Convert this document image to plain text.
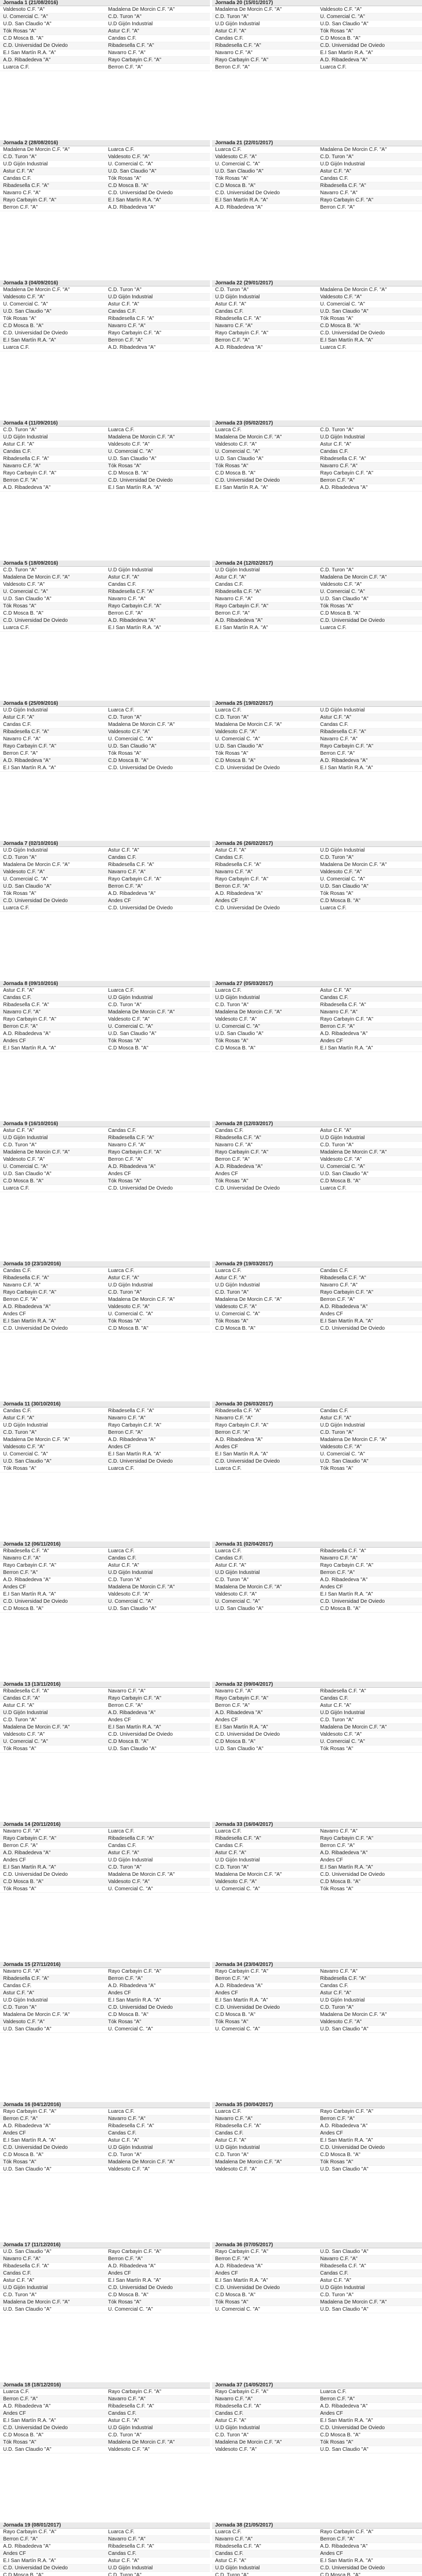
Jornada 1 (21/08/2016)
Valdesoto C.F. "A"	Madalena De Morcin C.F. "A"
U. Comercial C. "A"	C.D. Turon "A"
U.D. San Claudio "A"	U.D Gijón Industrial
Tók Rosas "A"	Astur C.F. "A"
C.D Mosca B. "A"	Candas C.F.
C.D. Universidad De Oviedo	Ribadesella C.F. "A"
E.I San Martín R.A. "A"	Navarro C.F. "A"
A.D. Ribadedeva "A"	Rayo Carbayin C.F. "A"
Luarca C.F.	Berron C.F. "A"
Jornada 20 (15/01/2017)
Madalena De Morcin C.F. "A"	Valdesoto C.F. "A"
C.D. Turon "A"	U. Comercial C. "A"
U.D Gijón Industrial	U.D. San Claudio "A"
Astur C.F. "A"	Tók Rosas "A"
Candas C.F.	C.D Mosca B. "A"
Ribadesella C.F. "A"	C.D. Universidad De Oviedo
Navarro C.F. "A"	E.I San Martín R.A. "A"
Rayo Carbayin C.F. "A"	A.D. Ribadedeva "A"
Berron C.F. "A"	Luarca C.F.
Jornada 2 (28/08/2016)
Madalena De Morcin C.F. "A"	Luarca C.F.
C.D. Turon "A"	Valdesoto C.F. "A"
U.D Gijón Industrial	U. Comercial C. "A"
Astur C.F. "A"	U.D. San Claudio "A"
Candas C.F.	Tók Rosas "A"
Ribadesella C.F. "A"	C.D Mosca B. "A"
Navarro C.F. "A"	C.D. Universidad De Oviedo
Rayo Carbayin C.F. "A"	E.I San Martín R.A. "A"
Berron C.F. "A"	A.D. Ribadedeva "A"
Jornada 21 (22/01/2017)
Luarca C.F.	Madalena De Morcin C.F. "A"
Valdesoto C.F. "A"	C.D. Turon "A"
U. Comercial C. "A"	U.D Gijón Industrial
U.D. San Claudio "A"	Astur C.F. "A"
Tók Rosas "A"	Candas C.F.
C.D Mosca B. "A"	Ribadesella C.F. "A"
C.D. Universidad De Oviedo	Navarro C.F. "A"
E.I San Martín R.A. "A"	Rayo Carbayin C.F. "A"
A.D. Ribadedeva "A"	Berron C.F. "A"
Jornada 3 (04/09/2016)
Madalena De Morcin C.F. "A"	C.D. Turon "A"
Valdesoto C.F. "A"	U.D Gijón Industrial
U. Comercial C. "A"	Astur C.F. "A"
U.D. San Claudio "A"	Candas C.F.
Tók Rosas "A"	Ribadesella C.F. "A"
C.D Mosca B. "A"	Navarro C.F. "A"
C.D. Universidad De Oviedo	Rayo Carbayin C.F. "A"
E.I San Martín R.A. "A"	Berron C.F. "A"
Luarca C.F.	A.D. Ribadedeva "A"
Jornada 22 (29/01/2017)
C.D. Turon "A"	Madalena De Morcin C.F. "A"
U.D Gijón Industrial	Valdesoto C.F. "A"
Astur C.F. "A"	U. Comercial C. "A"
Candas C.F.	U.D. San Claudio "A"
Ribadesella C.F. "A"	Tók Rosas "A"
Navarro C.F. "A"	C.D Mosca B. "A"
Rayo Carbayin C.F. "A"	C.D. Universidad De Oviedo
Berron C.F. "A"	E.I San Martín R.A. "A"
A.D. Ribadedeva "A"	Luarca C.F.
Jornada 4 (11/09/2016)
C.D. Turon "A"	Luarca C.F.
U.D Gijón Industrial	Madalena De Morcin C.F. "A"
Astur C.F. "A"	Valdesoto C.F. "A"
Candas C.F.	U. Comercial C. "A"
Ribadesella C.F. "A"	U.D. San Claudio "A"
Navarro C.F. "A"	Tók Rosas "A"
Rayo Carbayin C.F. "A"	C.D Mosca B. "A"
Berron C.F. "A"	C.D. Universidad De Oviedo
A.D. Ribadedeva "A"	E.I San Martín R.A. "A"
Jornada 23 (05/02/2017)
Luarca C.F.	C.D. Turon "A"
Madalena De Morcin C.F. "A"	U.D Gijón Industrial
Valdesoto C.F. "A"	Astur C.F. "A"
U. Comercial C. "A"	Candas C.F.
U.D. San Claudio "A"	Ribadesella C.F. "A"
Tók Rosas "A"	Navarro C.F. "A"
C.D Mosca B. "A"	Rayo Carbayin C.F. "A"
C.D. Universidad De Oviedo	Berron C.F. "A"
E.I San Martín R.A. "A"	A.D. Ribadedeva "A"
Jornada 5 (18/09/2016)
C.D. Turon "A"	U.D Gijón Industrial
Madalena De Morcin C.F. "A"	Astur C.F. "A"
Valdesoto C.F. "A"	Candas C.F.
U. Comercial C. "A"	Ribadesella C.F. "A"
U.D. San Claudio "A"	Navarro C.F. "A"
Tók Rosas "A"	Rayo Carbayin C.F. "A"
C.D Mosca B. "A"	Berron C.F. "A"
C.D. Universidad De Oviedo	A.D. Ribadedeva "A"
Luarca C.F.	E.I San Martín R.A. "A"
Jornada 24 (12/02/2017)
U.D Gijón Industrial	C.D. Turon "A"
Astur C.F. "A"	Madalena De Morcin C.F. "A"
Candas C.F.	Valdesoto C.F. "A"
Ribadesella C.F. "A"	U. Comercial C. "A"
Navarro C.F. "A"	U.D. San Claudio "A"
Rayo Carbayin C.F. "A"	Tók Rosas "A"
Berron C.F. "A"	C.D Mosca B. "A"
A.D. Ribadedeva "A"	C.D. Universidad De Oviedo
E.I San Martín R.A. "A"	Luarca C.F.
Jornada 6 (25/09/2016)
U.D Gijón Industrial	Luarca C.F.
Astur C.F. "A"	C.D. Turon "A"
Candas C.F.	Madalena De Morcin C.F. "A"
Ribadesella C.F. "A"	Valdesoto C.F. "A"
Navarro C.F. "A"	U. Comercial C. "A"
Rayo Carbayin C.F. "A"	U.D. San Claudio "A"
Berron C.F. "A"	Tók Rosas "A"
A.D. Ribadedeva "A"	C.D Mosca B. "A"
E.I San Martín R.A. "A"	C.D. Universidad De Oviedo
Jornada 25 (19/02/2017)
Luarca C.F.	U.D Gijón Industrial
C.D. Turon "A"	Astur C.F. "A"
Madalena De Morcin C.F. "A"	Candas C.F.
Valdesoto C.F. "A"	Ribadesella C.F. "A"
U. Comercial C. "A"	Navarro C.F. "A"
U.D. San Claudio "A"	Rayo Carbayin C.F. "A"
Tók Rosas "A"	Berron C.F. "A"
C.D Mosca B. "A"	A.D. Ribadedeva "A"
C.D. Universidad De Oviedo	E.I San Martín R.A. "A"
Jornada 7 (02/10/2016)
U.D Gijón Industrial	Astur C.F. "A"
C.D. Turon "A"	Candas C.F.
Madalena De Morcin C.F. "A"	Ribadesella C.F. "A"
Valdesoto C.F. "A"	Navarro C.F. "A"
U. Comercial C. "A"	Rayo Carbayin C.F. "A"
U.D. San Claudio "A"	Berron C.F. "A"
Tók Rosas "A"	A.D. Ribadedeva "A"
C.D. Universidad De Oviedo	Andes CF
Luarca C.F.	C.D. Universidad De Oviedo
Jornada 26 (26/02/2017)
Astur C.F. "A"	U.D Gijón Industrial
Candas C.F.	C.D. Turon "A"
Ribadesella C.F. "A"	Madalena De Morcin C.F. "A"
Navarro C.F. "A"	Valdesoto C.F. "A"
Rayo Carbayin C.F. "A"	U. Comercial C. "A"
Berron C.F. "A"	U.D. San Claudio "A"
A.D. Ribadedeva "A"	Tók Rosas "A"
Andes CF	C.D Mosca B. "A"
C.D. Universidad De Oviedo	Luarca C.F.
Jornada 8 (09/10/2016)
Astur C.F. "A"	Luarca C.F.
Candas C.F.	U.D Gijón Industrial
Ribadesella C.F. "A"	C.D. Turon "A"
Navarro C.F. "A"	Madalena De Morcin C.F. "A"
Rayo Carbayin C.F. "A"	Valdesoto C.F. "A"
Berron C.F. "A"	U. Comercial C. "A"
A.D. Ribadedeva "A"	U.D. San Claudio "A"
Andes CF	Tók Rosas "A"
E.I San Martín R.A. "A"	C.D Mosca B. "A"
Jornada 27 (05/03/2017)
Luarca C.F.	Astur C.F. "A"
U.D Gijón Industrial	Candas C.F.
C.D. Turon "A"	Ribadesella C.F. "A"
Madalena De Morcin C.F. "A"	Navarro C.F. "A"
Valdesoto C.F. "A"	Rayo Carbayin C.F. "A"
U. Comercial C. "A"	Berron C.F. "A"
U.D. San Claudio "A"	A.D. Ribadedeva "A"
Tók Rosas "A"	Andes CF
C.D Mosca B. "A"	E.I San Martín R.A. "A"
Jornada 9 (16/10/2016)
Astur C.F. "A"	Candas C.F.
U.D Gijón Industrial	Ribadesella C.F. "A"
C.D. Turon "A"	Navarro C.F. "A"
Madalena De Morcin C.F. "A"	Rayo Carbayin C.F. "A"
Valdesoto C.F. "A"	Berron C.F. "A"
U. Comercial C. "A"	A.D. Ribadedeva "A"
U.D. San Claudio "A"	Andes CF
C.D Mosca B. "A"	Tók Rosas "A"
Luarca C.F.	C.D. Universidad De Oviedo
Jornada 28 (12/03/2017)
Candas C.F.	Astur C.F. "A"
Ribadesella C.F. "A"	U.D Gijón Industrial
Navarro C.F. "A"	C.D. Turon "A"
Rayo Carbayin C.F. "A"	Madalena De Morcin C.F. "A"
Berron C.F. "A"	Valdesoto C.F. "A"
A.D. Ribadedeva "A"	U. Comercial C. "A"
Andes CF	U.D. San Claudio "A"
Tók Rosas "A"	C.D Mosca B. "A"
C.D. Universidad De Oviedo	Luarca C.F.
Jornada 10 (23/10/2016)
Candas C.F.	Luarca C.F.
Ribadesella C.F. "A"	Astur C.F. "A"
Navarro C.F. "A"	U.D Gijón Industrial
Rayo Carbayin C.F. "A"	C.D. Turon "A"
Berron C.F. "A"	Madalena De Morcin C.F. "A"
A.D. Ribadedeva "A"	Valdesoto C.F. "A"
Andes CF	U. Comercial C. "A"
E.I San Martín R.A. "A"	Tók Rosas "A"
C.D. Universidad De Oviedo	C.D Mosca B. "A"
Jornada 29 (19/03/2017)
Luarca C.F.	Candas C.F.
Astur C.F. "A"	Ribadesella C.F. "A"
U.D Gijón Industrial	Navarro C.F. "A"
C.D. Turon "A"	Rayo Carbayin C.F. "A"
Madalena De Morcin C.F. "A"	Berron C.F. "A"
Valdesoto C.F. "A"	A.D. Ribadedeva "A"
U. Comercial C. "A"	Andes CF
Tók Rosas "A"	E.I San Martín R.A. "A"
C.D Mosca B. "A"	C.D. Universidad De Oviedo
Jornada 11 (30/10/2016)
Candas C.F.	Ribadesella C.F. "A"
Astur C.F. "A"	Navarro C.F. "A"
U.D Gijón Industrial	Rayo Carbayin C.F. "A"
C.D. Turon "A"	Berron C.F. "A"
Madalena De Morcin C.F. "A"	A.D. Ribadedeva "A"
Valdesoto C.F. "A"	Andes CF
U. Comercial C. "A"	E.I San Martín R.A. "A"
U.D. San Claudio "A"	C.D. Universidad De Oviedo
Tók Rosas "A"	Luarca C.F.
Jornada 30 (26/03/2017)
Ribadesella C.F. "A"	Candas C.F.
Navarro C.F. "A"	Astur C.F. "A"
Rayo Carbayin C.F. "A"	U.D Gijón Industrial
Berron C.F. "A"	C.D. Turon "A"
A.D. Ribadedeva "A"	Madalena De Morcin C.F. "A"
Andes CF	Valdesoto C.F. "A"
E.I San Martín R.A. "A"	U. Comercial C. "A"
C.D. Universidad De Oviedo	U.D. San Claudio "A"
Luarca C.F.	Tók Rosas "A"
Jornada 12 (06/11/2016)
Ribadesella C.F. "A"	Luarca C.F.
Navarro C.F. "A"	Candas C.F.
Rayo Carbayin C.F. "A"	Astur C.F. "A"
Berron C.F. "A"	U.D Gijón Industrial
A.D. Ribadedeva "A"	C.D. Turon "A"
Andes CF	Madalena De Morcin C.F. "A"
E.I San Martín R.A. "A"	Valdesoto C.F. "A"
C.D. Universidad De Oviedo	U. Comercial C. "A"
C.D Mosca B. "A"	U.D. San Claudio "A"
Jornada 31 (02/04/2017)
Luarca C.F.	Ribadesella C.F. "A"
Candas C.F.	Navarro C.F. "A"
Astur C.F. "A"	Rayo Carbayin C.F. "A"
U.D Gijón Industrial	Berron C.F. "A"
C.D. Turon "A"	A.D. Ribadedeva "A"
Madalena De Morcin C.F. "A"	Andes CF
Valdesoto C.F. "A"	E.I San Martín R.A. "A"
U. Comercial C. "A"	C.D. Universidad De Oviedo
U.D. San Claudio "A"	C.D Mosca B. "A"
Jornada 13 (13/11/2016)
Ribadesella C.F. "A"	Navarro C.F. "A"
Candas C.F. "A"	Rayo Carbayin C.F. "A"
Astur C.F. "A"	Berron C.F. "A"
U.D Gijón Industrial	A.D. Ribadedeva "A"
C.D. Turon "A"	Andes CF
Madalena De Morcin C.F. "A"	E.I San Martín R.A. "A"
Valdesoto C.F. "A"	C.D. Universidad De Oviedo
U. Comercial C. "A"	C.D Mosca B. "A"
Tók Rosas "A"	U.D. San Claudio "A"
Jornada 32 (09/04/2017)
Navarro C.F. "A"	Ribadesella C.F. "A"
Rayo Carbayin C.F. "A"	Candas C.F.
Berron C.F. "A"	Astur C.F. "A"
A.D. Ribadedeva "A"	U.D Gijón Industrial
Andes CF	C.D. Turon "A"
E.I San Martín R.A. "A"	Madalena De Morcin C.F. "A"
C.D. Universidad De Oviedo	Valdesoto C.F. "A"
C.D Mosca B. "A"	U. Comercial C. "A"
U.D. San Claudio "A"	Tók Rosas "A"
Jornada 14 (20/11/2016)
Navarro C.F. "A"	Luarca C.F.
Rayo Carbayin C.F. "A"	Ribadesella C.F. "A"
Berron C.F. "A"	Candas C.F.
A.D. Ribadedeva "A"	Astur C.F. "A"
Andes CF	U.D Gijón Industrial
E.I San Martín R.A. "A"	C.D. Turon "A"
C.D. Universidad De Oviedo	Madalena De Morcin C.F. "A"
C.D Mosca B. "A"	Valdesoto C.F. "A"
Tók Rosas "A"	U. Comercial C. "A"
Jornada 33 (16/04/2017)
Luarca C.F.	Navarro C.F. "A"
Ribadesella C.F. "A"	Rayo Carbayin C.F. "A"
Candas C.F.	Berron C.F. "A"
Astur C.F. "A"	A.D. Ribadedeva "A"
U.D Gijón Industrial	Andes CF
C.D. Turon "A"	E.I San Martín R.A. "A"
Madalena De Morcin C.F. "A"	C.D. Universidad De Oviedo
Valdesoto C.F. "A"	C.D Mosca B. "A"
U. Comercial C. "A"	Tók Rosas "A"
Jornada 15 (27/11/2016)
Navarro C.F. "A"	Rayo Carbayin C.F. "A"
Ribadesella C.F. "A"	Berron C.F. "A"
Candas C.F.	A.D. Ribadedeva "A"
Astur C.F. "A"	Andes CF
U.D Gijón Industrial	E.I San Martín R.A. "A"
C.D. Turon "A"	C.D. Universidad De Oviedo
Madalena De Morcin C.F. "A"	C.D Mosca B. "A"
Valdesoto C.F. "A"	Tók Rosas "A"
U.D. San Claudio "A"	U. Comercial C. "A"
Jornada 34 (23/04/2017)
Rayo Carbayin C.F. "A"	Navarro C.F. "A"
Berron C.F. "A"	Ribadesella C.F. "A"
A.D. Ribadedeva "A"	Candas C.F.
Andes CF	Astur C.F. "A"
E.I San Martín R.A. "A"	U.D Gijón Industrial
C.D. Universidad De Oviedo	C.D. Turon "A"
C.D Mosca B. "A"	Madalena De Morcin C.F. "A"
Tók Rosas "A"	Valdesoto C.F. "A"
U. Comercial C. "A"	U.D. San Claudio "A"
Jornada 16 (04/12/2016)
Rayo Carbayin C.F. "A"	Luarca C.F.
Berron C.F. "A"	Navarro C.F. "A"
A.D. Ribadedeva "A"	Ribadesella C.F. "A"
Andes CF	Candas C.F.
E.I San Martín R.A. "A"	Astur C.F. "A"
C.D. Universidad De Oviedo	U.D Gijón Industrial
C.D Mosca B. "A"	C.D. Turon "A"
Tók Rosas "A"	Madalena De Morcin C.F. "A"
U.D. San Claudio "A"	Valdesoto C.F. "A"
Jornada 35 (30/04/2017)
Luarca C.F.	Rayo Carbayin C.F. "A"
Navarro C.F. "A"	Berron C.F. "A"
Ribadesella C.F. "A"	A.D. Ribadedeva "A"
Candas C.F.	Andes CF
Astur C.F. "A"	E.I San Martín R.A. "A"
U.D Gijón Industrial	C.D. Universidad De Oviedo
C.D. Turon "A"	C.D Mosca B. "A"
Madalena De Morcin C.F. "A"	Tók Rosas "A"
Valdesoto C.F. "A"	U.D. San Claudio "A"
Jornada 17 (11/12/2016)
U.D. San Claudio "A"	Rayo Carbayin C.F. "A"
Navarro C.F. "A"	Berron C.F. "A"
Ribadesella C.F. "A"	A.D. Ribadedeva "A"
Candas C.F.	Andes CF
Astur C.F. "A"	E.I San Martín R.A. "A"
U.D Gijón Industrial	C.D. Universidad De Oviedo
C.D. Turon "A"	C.D Mosca B. "A"
Madalena De Morcin C.F. "A"	Tók Rosas "A"
U.D. San Claudio "A"	U. Comercial C. "A"
Jornada 36 (07/05/2017)
Rayo Carbayin C.F. "A"	U.D. San Claudio "A"
Berron C.F. "A"	Navarro C.F. "A"
A.D. Ribadedeva "A"	Ribadesella C.F. "A"
Andes CF	Candas C.F.
E.I San Martín R.A. "A"	Astur C.F. "A"
C.D. Universidad De Oviedo	U.D Gijón Industrial
C.D Mosca B. "A"	C.D. Turon "A"
Tók Rosas "A"	Madalena De Morcin C.F. "A"
U. Comercial C. "A"	U.D. San Claudio "A"
Jornada 18 (18/12/2016)
Luarca C.F.	Rayo Carbayin C.F. "A"
Berron C.F. "A"	Navarro C.F. "A"
A.D. Ribadedeva "A"	Ribadesella C.F. "A"
Andes CF	Candas C.F.
E.I San Martín R.A. "A"	Astur C.F. "A"
C.D. Universidad De Oviedo	U.D Gijón Industrial
C.D Mosca B. "A"	C.D. Turon "A"
Tók Rosas "A"	Madalena De Morcin C.F. "A"
U.D. San Claudio "A"	Valdesoto C.F. "A"
Jornada 37 (14/05/2017)
Rayo Carbayin C.F. "A"	Luarca C.F.
Navarro C.F. "A"	Berron C.F. "A"
Ribadesella C.F. "A"	A.D. Ribadedeva "A"
Candas C.F.	Andes CF
Astur C.F. "A"	E.I San Martín R.A. "A"
U.D Gijón Industrial	C.D. Universidad De Oviedo
C.D. Turon "A"	C.D Mosca B. "A"
Madalena De Morcin C.F. "A"	Tók Rosas "A"
Valdesoto C.F. "A"	U.D. San Claudio "A"
Jornada 19 (08/01/2017)
Rayo Carbayin C.F. "A"	Luarca C.F.
Berron C.F. "A"	Navarro C.F. "A"
A.D. Ribadedeva "A"	Ribadesella C.F. "A"
Andes CF	Candas C.F.
E.I San Martín R.A. "A"	Astur C.F. "A"
C.D. Universidad De Oviedo	U.D Gijón Industrial
C.D Mosca B. "A"	C.D. Turon "A"
Jornada 38 (21/05/2017)
Luarca C.F.	Rayo Carbayin C.F. "A"
Navarro C.F. "A"	Berron C.F. "A"
Ribadesella C.F. "A"	A.D. Ribadedeva "A"
Candas C.F.	Andes CF
Astur C.F. "A"	E.I San Martín R.A. "A"
U.D Gijón Industrial	C.D. Universidad De Oviedo
C.D. Turon "A"	C.D Mosca B. "A"
